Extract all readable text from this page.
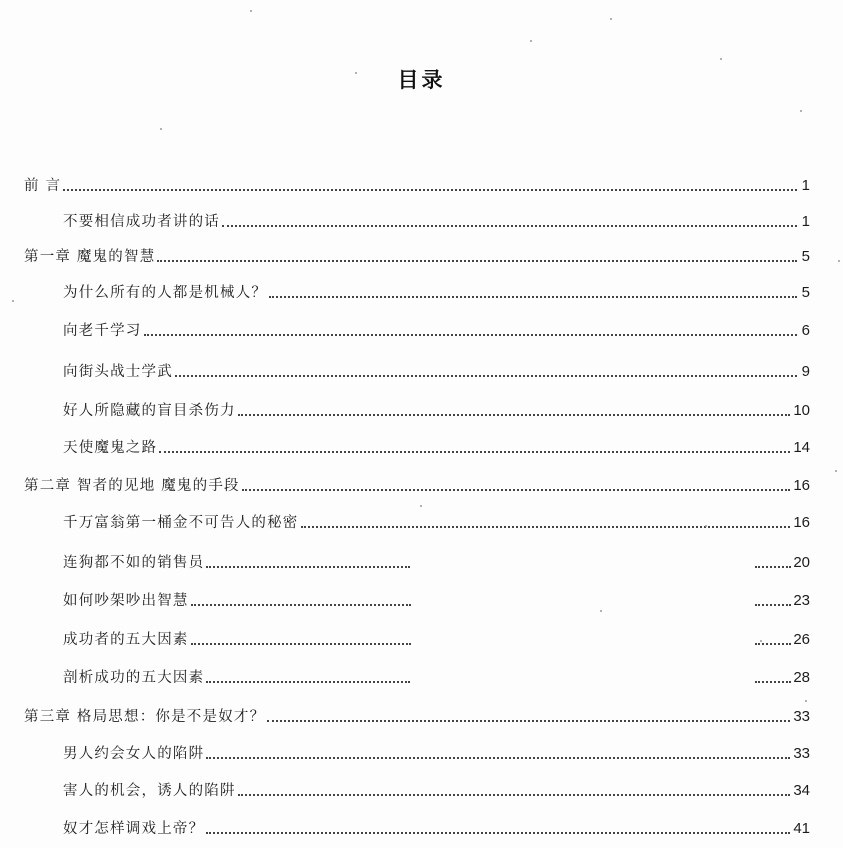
目录
前 言	1
不要相信成功者讲的话	1
第一章 魔鬼的智慧	5
为什么所有的人都是机械人？	5
向老千学习	6
向街头战士学武	9
好人所隐藏的盲目杀伤力	10
天使魔鬼之路	14
第二章 智者的见地 魔鬼的手段	16
千万富翁第一桶金不可告人的秘密	16
连狗都不如的销售员	20
如何吵架吵出智慧	23
成功者的五大因素	26
剖析成功的五大因素	28
第三章 格局思想：你是不是奴才？	33
男人约会女人的陷阱	33
害人的机会，诱人的陷阱	34
奴才怎样调戏上帝？	41
